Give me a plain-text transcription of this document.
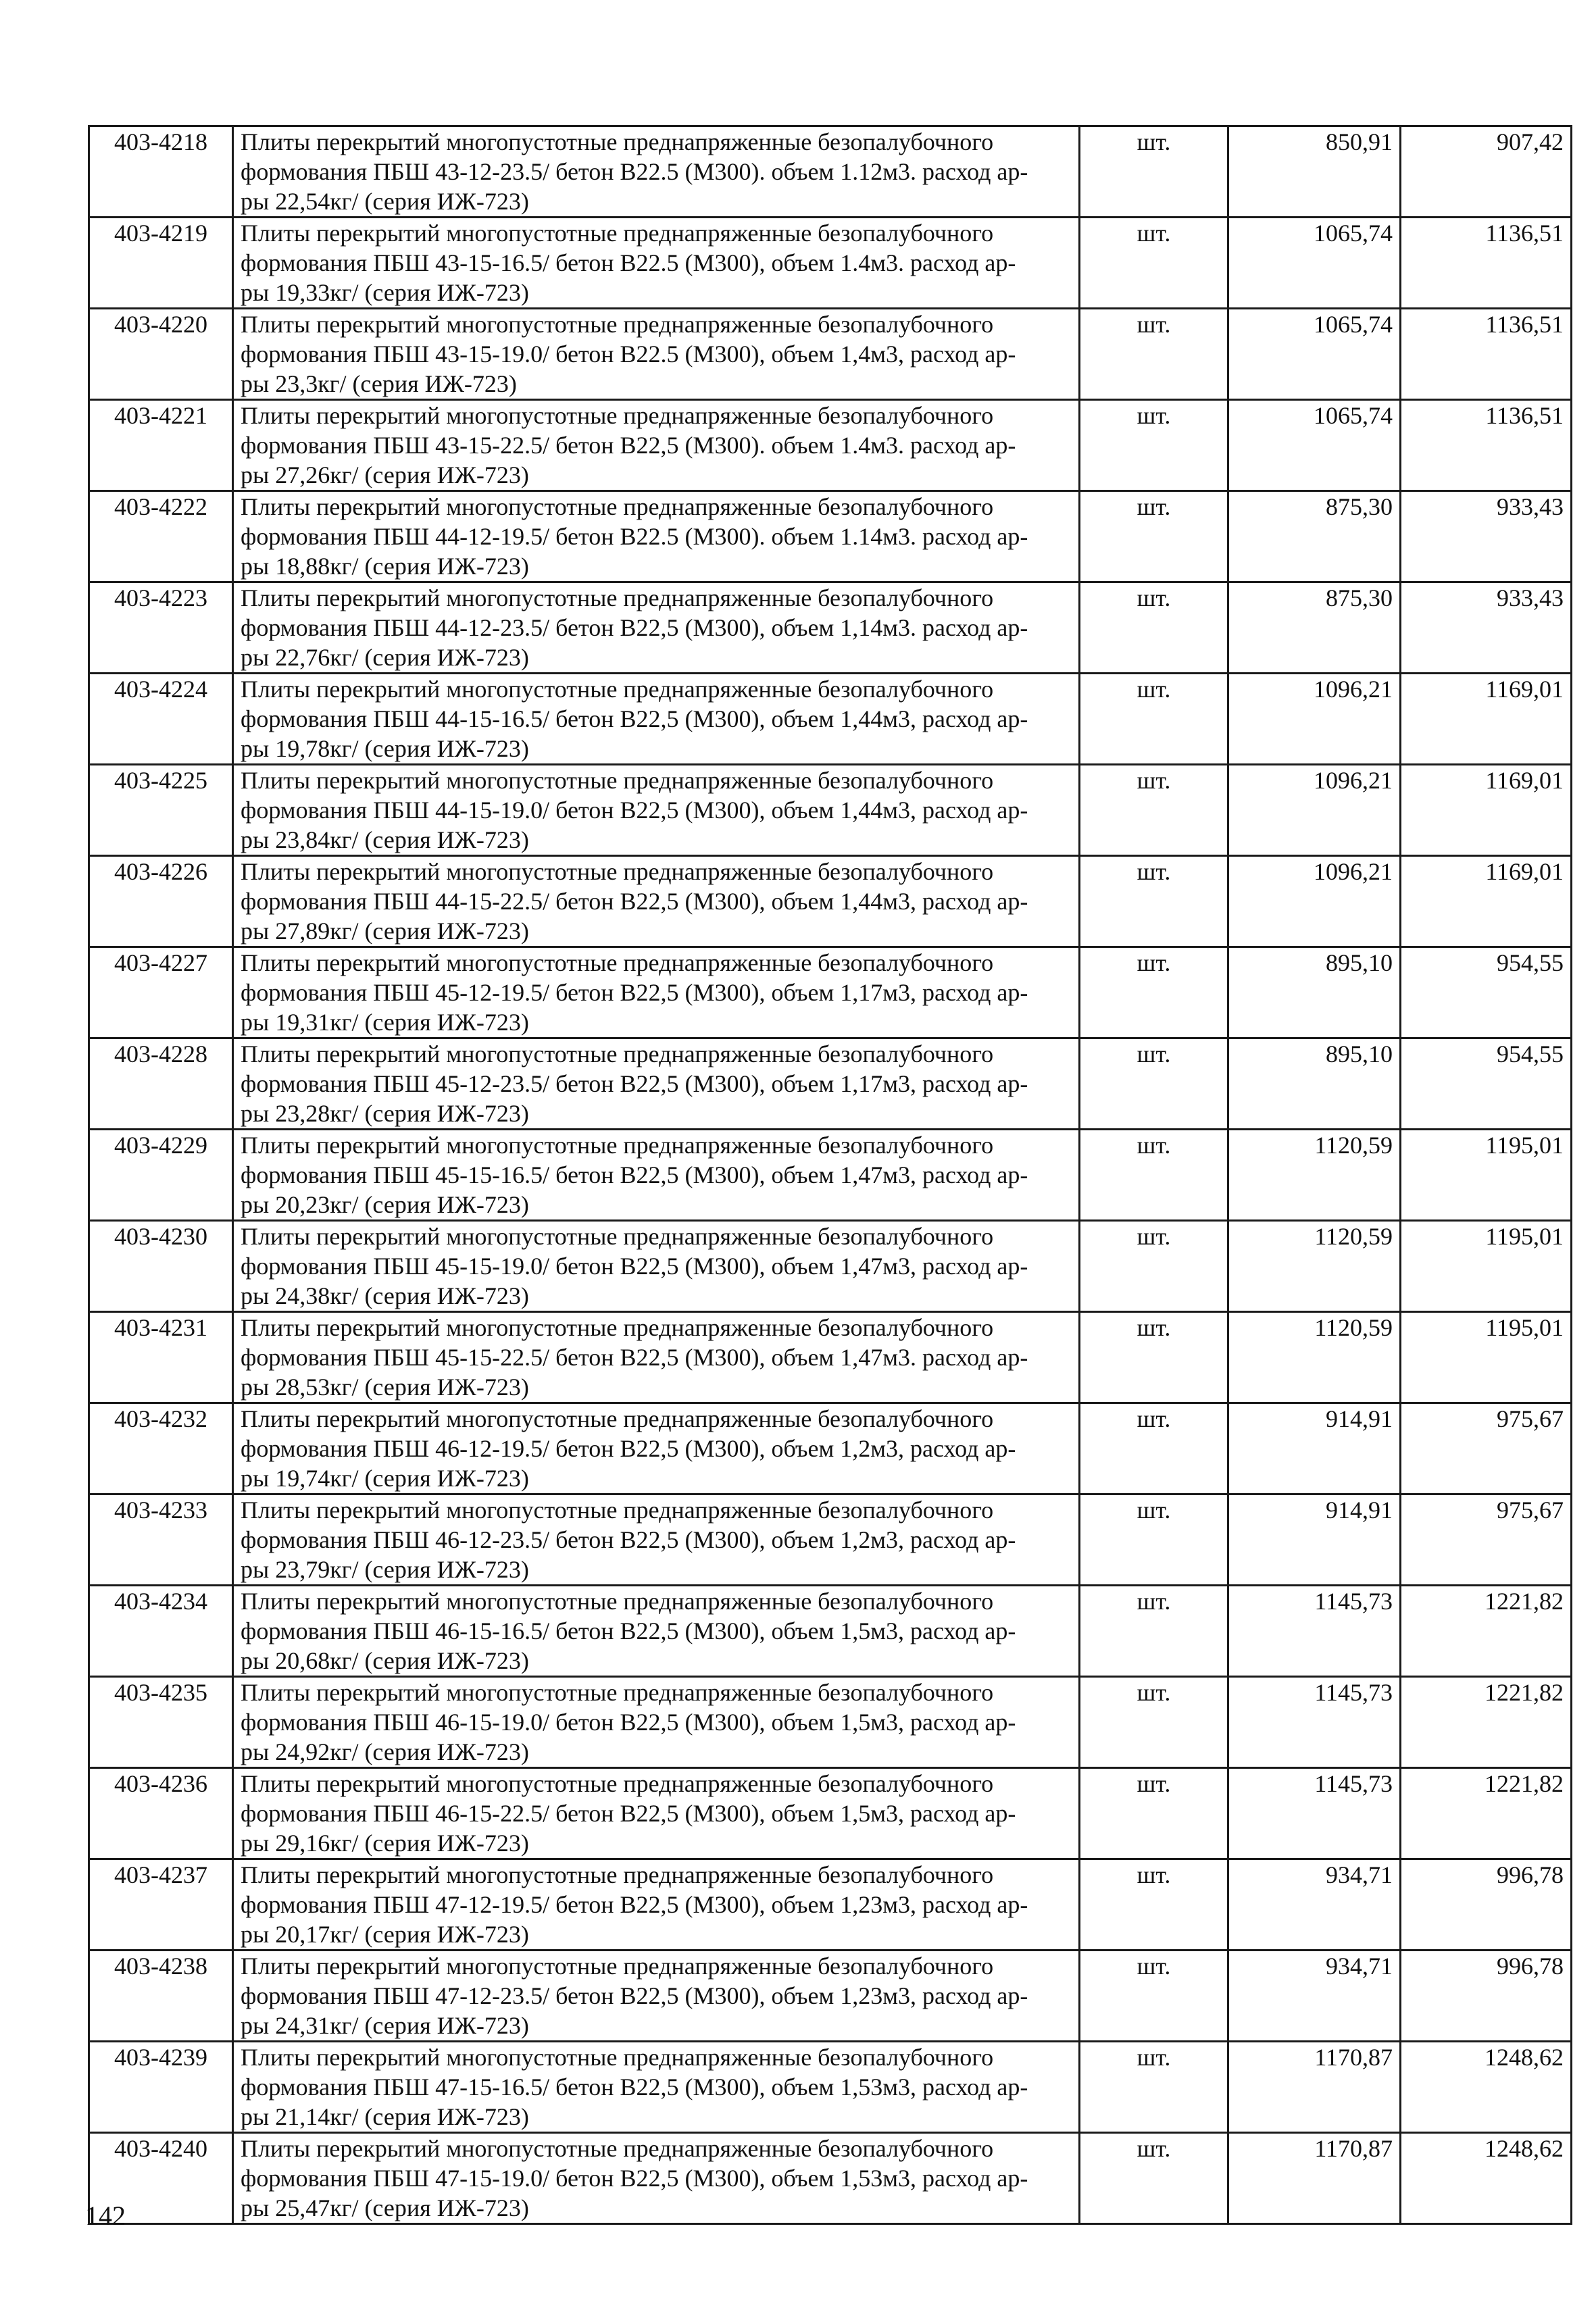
403-4218	Плиты перекрытий многопустотные преднапряженные безопалубочного
формования ПБШ 43-12-23.5/ бетон В22.5 (М300). объем 1.12м3. расход ар-
ры 22,54кг/ (серия ИЖ-723)	шт.	850,91	907,42
403-4219	Плиты перекрытий многопустотные преднапряженные безопалубочного
формования ПБШ 43-15-16.5/ бетон В22.5 (М300), объем 1.4м3. расход ар-
ры 19,33кг/ (серия ИЖ-723)	шт.	1065,74	1136,51
403-4220	Плиты перекрытий многопустотные преднапряженные безопалубочного
формования ПБШ 43-15-19.0/ бетон В22.5 (М300), объем 1,4м3, расход ар-
ры 23,3кг/ (серия ИЖ-723)	шт.	1065,74	1136,51
403-4221	Плиты перекрытий многопустотные преднапряженные безопалубочного
формования ПБШ 43-15-22.5/ бетон В22,5 (М300). объем 1.4м3. расход ар-
ры 27,26кг/ (серия ИЖ-723)	шт.	1065,74	1136,51
403-4222	Плиты перекрытий многопустотные преднапряженные безопалубочного
формования ПБШ 44-12-19.5/ бетон В22.5 (М300). объем 1.14м3. расход ар-
ры 18,88кг/ (серия ИЖ-723)	шт.	875,30	933,43
403-4223	Плиты перекрытий многопустотные преднапряженные безопалубочного
формования ПБШ 44-12-23.5/ бетон В22,5 (М300), объем 1,14м3. расход ар-
ры 22,76кг/ (серия ИЖ-723)	шт.	875,30	933,43
403-4224	Плиты перекрытий многопустотные преднапряженные безопалубочного
формования ПБШ 44-15-16.5/ бетон В22,5 (М300), объем 1,44м3, расход ар-
ры 19,78кг/ (серия ИЖ-723)	шт.	1096,21	1169,01
403-4225	Плиты перекрытий многопустотные преднапряженные безопалубочного
формования ПБШ 44-15-19.0/ бетон В22,5 (М300), объем 1,44м3, расход ар-
ры 23,84кг/ (серия ИЖ-723)	шт.	1096,21	1169,01
403-4226	Плиты перекрытий многопустотные преднапряженные безопалубочного
формования ПБШ 44-15-22.5/ бетон В22,5 (М300), объем 1,44м3, расход ар-
ры 27,89кг/ (серия ИЖ-723)	шт.	1096,21	1169,01
403-4227	Плиты перекрытий многопустотные преднапряженные безопалубочного
формования ПБШ 45-12-19.5/ бетон В22,5 (М300), объем 1,17м3, расход ар-
ры 19,31кг/ (серия ИЖ-723)	шт.	895,10	954,55
403-4228	Плиты перекрытий многопустотные преднапряженные безопалубочного
формования ПБШ 45-12-23.5/ бетон В22,5 (М300), объем 1,17м3, расход ар-
ры 23,28кг/ (серия ИЖ-723)	шт.	895,10	954,55
403-4229	Плиты перекрытий многопустотные преднапряженные безопалубочного
формования ПБШ 45-15-16.5/ бетон В22,5 (М300), объем 1,47м3, расход ар-
ры 20,23кг/ (серия ИЖ-723)	шт.	1120,59	1195,01
403-4230	Плиты перекрытий многопустотные преднапряженные безопалубочного
формования ПБШ 45-15-19.0/ бетон В22,5 (М300), объем 1,47м3, расход ар-
ры 24,38кг/ (серия ИЖ-723)	шт.	1120,59	1195,01
403-4231	Плиты перекрытий многопустотные преднапряженные безопалубочного
формования ПБШ 45-15-22.5/ бетон В22,5 (М300), объем 1,47м3. расход ар-
ры 28,53кг/ (серия ИЖ-723)	шт.	1120,59	1195,01
403-4232	Плиты перекрытий многопустотные преднапряженные безопалубочного
формования ПБШ 46-12-19.5/ бетон В22,5 (М300), объем 1,2м3, расход ар-
ры 19,74кг/ (серия ИЖ-723)	шт.	914,91	975,67
403-4233	Плиты перекрытий многопустотные преднапряженные безопалубочного
формования ПБШ 46-12-23.5/ бетон В22,5 (М300), объем 1,2м3, расход ар-
ры 23,79кг/ (серия ИЖ-723)	шт.	914,91	975,67
403-4234	Плиты перекрытий многопустотные преднапряженные безопалубочного
формования ПБШ 46-15-16.5/ бетон В22,5 (М300), объем 1,5м3, расход ар-
ры 20,68кг/ (серия ИЖ-723)	шт.	1145,73	1221,82
403-4235	Плиты перекрытий многопустотные преднапряженные безопалубочного
формования ПБШ 46-15-19.0/ бетон В22,5 (М300), объем 1,5м3, расход ар-
ры 24,92кг/ (серия ИЖ-723)	шт.	1145,73	1221,82
403-4236	Плиты перекрытий многопустотные преднапряженные безопалубочного
формования ПБШ 46-15-22.5/ бетон В22,5 (М300), объем 1,5м3, расход ар-
ры 29,16кг/ (серия ИЖ-723)	шт.	1145,73	1221,82
403-4237	Плиты перекрытий многопустотные преднапряженные безопалубочного
формования ПБШ 47-12-19.5/ бетон В22,5 (М300), объем 1,23м3, расход ар-
ры 20,17кг/ (серия ИЖ-723)	шт.	934,71	996,78
403-4238	Плиты перекрытий многопустотные преднапряженные безопалубочного
формования ПБШ 47-12-23.5/ бетон В22,5 (М300), объем 1,23м3, расход ар-
ры 24,31кг/ (серия ИЖ-723)	шт.	934,71	996,78
403-4239	Плиты перекрытий многопустотные преднапряженные безопалубочного
формования ПБШ 47-15-16.5/ бетон В22,5 (М300), объем 1,53м3, расход ар-
ры 21,14кг/ (серия ИЖ-723)	шт.	1170,87	1248,62
403-4240	Плиты перекрытий многопустотные преднапряженные безопалубочного
формования ПБШ 47-15-19.0/ бетон В22,5 (М300), объем 1,53м3, расход ар-
ры 25,47кг/ (серия ИЖ-723)	шт.	1170,87	1248,62
142
